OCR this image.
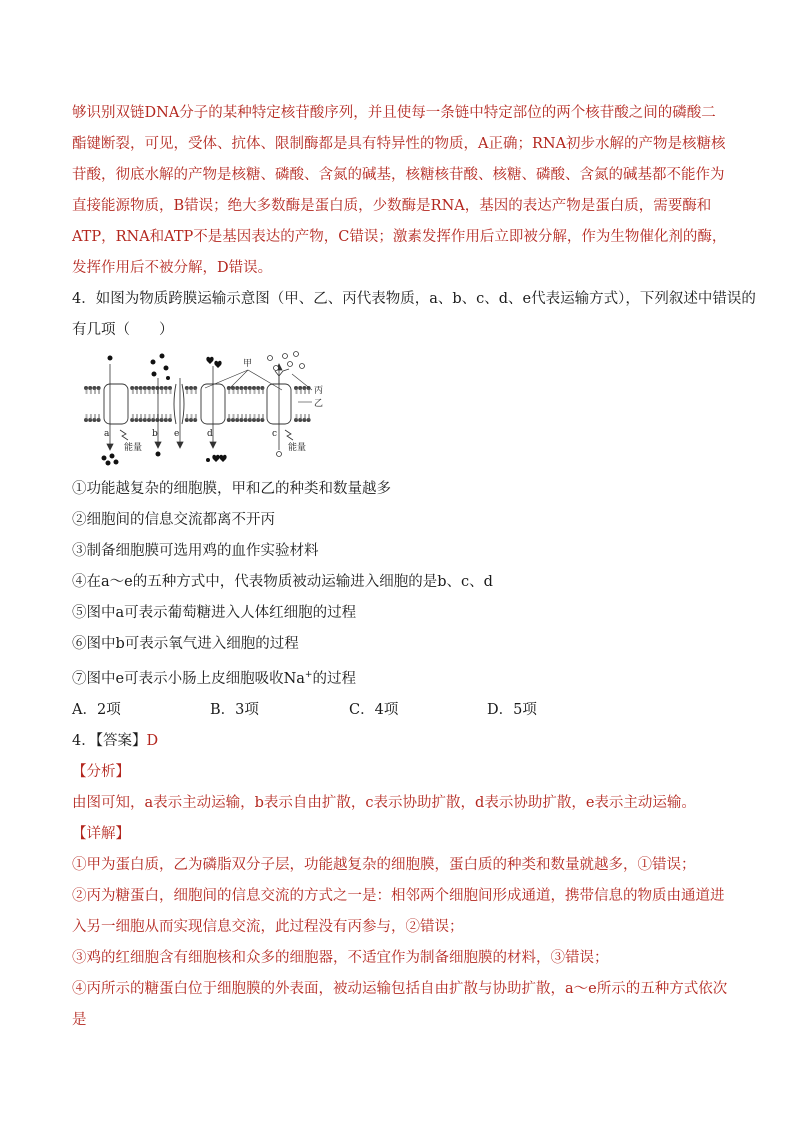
够识别双链DNA分子的某种特定核苷酸序列，并且使每一条链中特定部位的两个核苷酸之间的磷酸二酯键断裂，可见，受体、抗体、限制酶都是具有特异性的物质，A正确；RNA初步水解的产物是核糖核苷酸，彻底水解的产物是核糖、磷酸、含氮的碱基，核糖核苷酸、核糖、磷酸、含氮的碱基都不能作为直接能源物质，B错误；绝大多数酶是蛋白质，少数酶是RNA，基因的表达产物是蛋白质，需要酶和ATP，RNA和ATP不是基因表达的产物，C错误；激素发挥作用后立即被分解，作为生物催化剂的酶，发挥作用后不被分解，D错误。

4．如图为物质跨膜运输示意图（甲、乙、丙代表物质，a、b、c、d、e代表运输方式），下列叙述中错误的
有几项（　　）
甲
丙
乙
能量	能量
a	b e	d	c
①功能越复杂的细胞膜，甲和乙的种类和数量越多
②细胞间的信息交流都离不开丙
③制备细胞膜可选用鸡的血作实验材料
④在a～e的五种方式中，代表物质被动运输进入细胞的是b、c、d
⑤图中a可表示葡萄糖进入人体红细胞的过程
⑥图中b可表示氧气进入细胞的过程
⑦图中e可表示小肠上皮细胞吸收Na+的过程
A．2项	B．3项	C．4项	D．5项
4．【答案】D
【分析】
由图可知，a表示主动运输，b表示自由扩散，c表示协助扩散，d表示协助扩散，e表示主动运输。
【详解】

①甲为蛋白质，乙为磷脂双分子层，功能越复杂的细胞膜，蛋白质的种类和数量就越多，①错误；

②丙为糖蛋白，细胞间的信息交流的方式之一是：相邻两个细胞间形成通道，携带信息的物质由通道进入另一细胞从而实现信息交流，此过程没有丙参与，②错误；

③鸡的红细胞含有细胞核和众多的细胞器，不适宜作为制备细胞膜的材料，③错误；

④丙所示的糖蛋白位于细胞膜的外表面，被动运输包括自由扩散与协助扩散，a～e所示的五种方式依次是
